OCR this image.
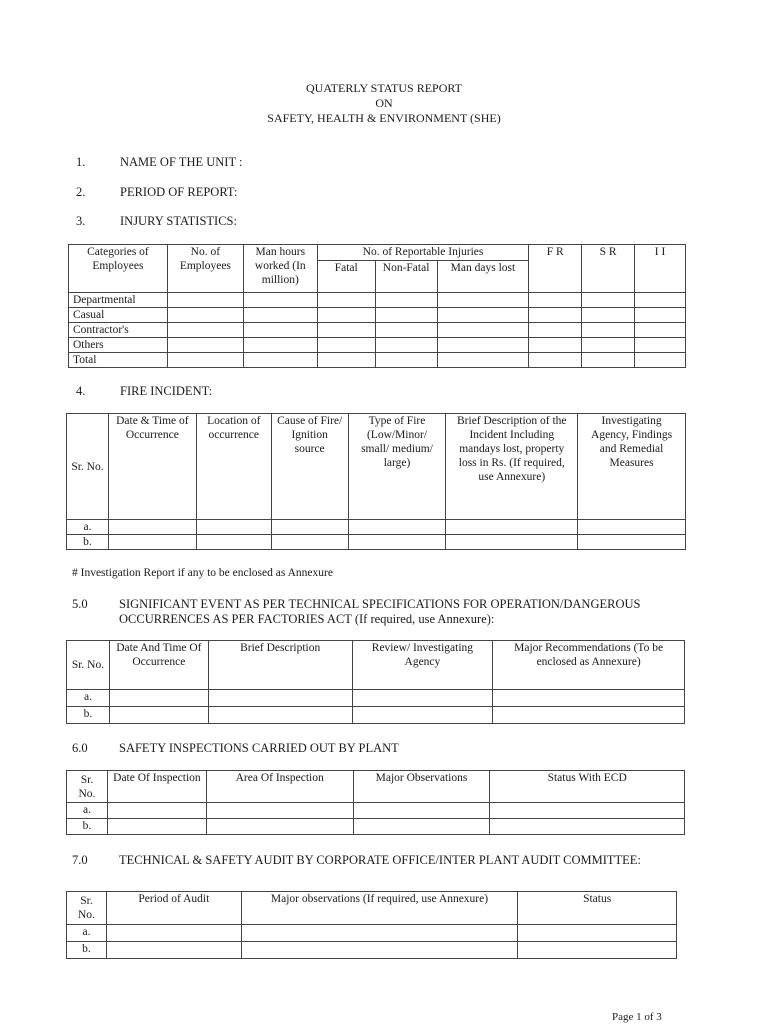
QUATERLY STATUS REPORT
ON
SAFETY, HEALTH & ENVIRONMENT (SHE)
1.	NAME OF THE UNIT :
2.	PERIOD OF REPORT:
3.	INJURY STATISTICS:
Categories of Employees	No. of Employees	Man hours worked (In million)	No. of Reportable Injuries			F R	S R	I I
			Fatal	Non-Fatal	Man days lost			
Departmental								
Casual								
Contractor's								
Others								
Total								
4.	FIRE INCIDENT:
Sr. No.	Date & Time of Occurrence	Location of occurrence	Cause of Fire/ Ignition source	Type of Fire (Low/Minor/ small/ medium/ large)	Brief Description of the Incident Including mandays lost, property loss in Rs. (If required, use Annexure)	Investigating Agency, Findings and Remedial Measures
a.						
b.						
# Investigation Report if any to be enclosed as Annexure
5.0	SIGNIFICANT EVENT AS PER TECHNICAL SPECIFICATIONS FOR OPERATION/DANGEROUS
OCCURRENCES AS PER FACTORIES ACT (If required, use Annexure):
Sr. No.	Date And Time Of Occurrence	Brief Description	Review/ Investigating Agency	Major Recommendations (To be enclosed as Annexure)
a.				
b.				
6.0	SAFETY INSPECTIONS CARRIED OUT BY PLANT
Sr. No.	Date Of Inspection	Area Of Inspection	Major Observations	Status With ECD
a.				
b.				
7.0	TECHNICAL & SAFETY AUDIT BY CORPORATE OFFICE/INTER PLANT AUDIT COMMITTEE:
Sr. No.	Period of Audit	Major observations (If required, use Annexure)	Status
a.			
b.			
Page 1 of 3
